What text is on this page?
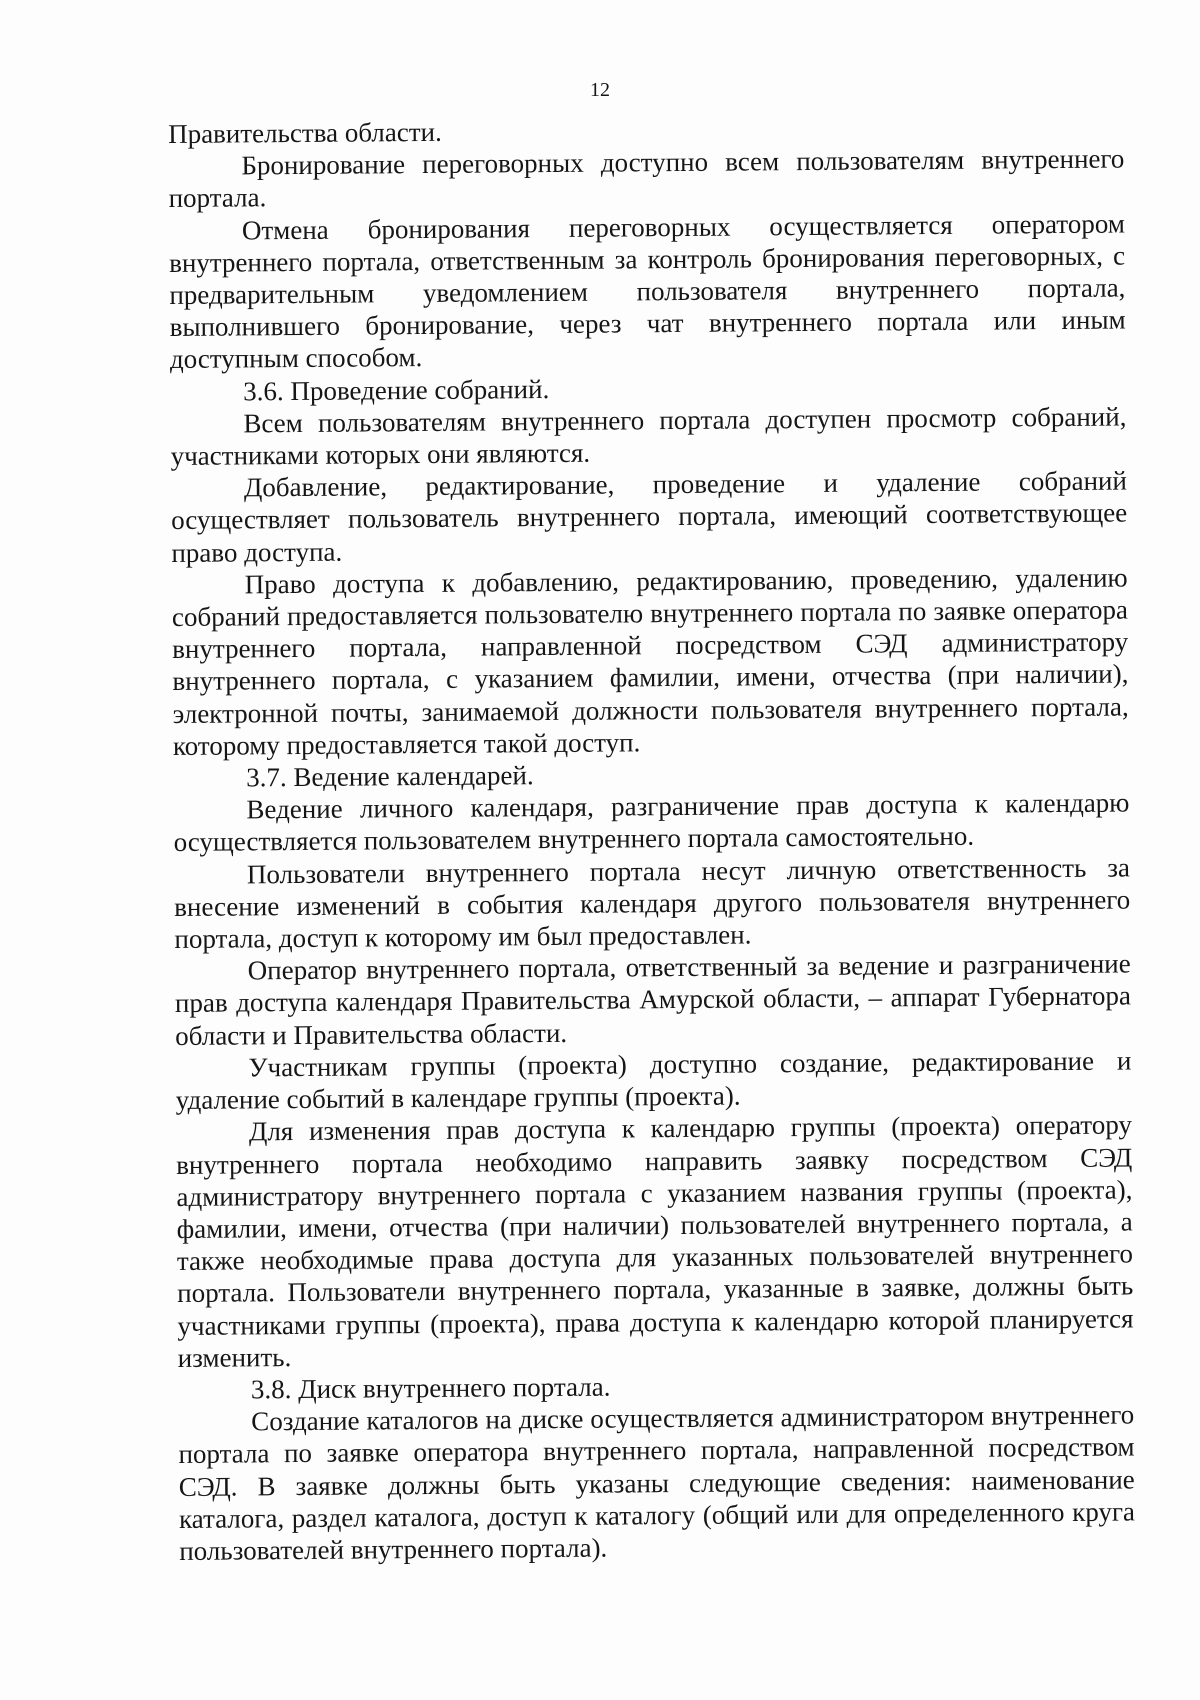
12

Правительства области.

Бронирование переговорных доступно всем пользователям внутреннего портала.

Отмена бронирования переговорных осуществляется оператором внутреннего портала, ответственным за контроль бронирования переговорных, с предварительным уведомлением пользователя внутреннего портала, выполнившего бронирование, через чат внутреннего портала или иным доступным способом.

3.6. Проведение собраний.

Всем пользователям внутреннего портала доступен просмотр собраний, участниками которых они являются.

Добавление, редактирование, проведение и удаление собраний осуществляет пользователь внутреннего портала, имеющий соответствующее право доступа.

Право доступа к добавлению, редактированию, проведению, удалению собраний предоставляется пользователю внутреннего портала по заявке оператора внутреннего портала, направленной посредством СЭД администратору внутреннего портала, с указанием фамилии, имени, отчества (при наличии), электронной почты, занимаемой должности пользователя внутреннего портала, которому предоставляется такой доступ.

3.7. Ведение календарей.

Ведение личного календаря, разграничение прав доступа к календарю осуществляется пользователем внутреннего портала самостоятельно.

Пользователи внутреннего портала несут личную ответственность за внесение изменений в события календаря другого пользователя внутреннего портала, доступ к которому им был предоставлен.

Оператор внутреннего портала, ответственный за ведение и разграничение прав доступа календаря Правительства Амурской области, – аппарат Губернатора области и Правительства области.

Участникам группы (проекта) доступно создание, редактирование и удаление событий в календаре группы (проекта).

Для изменения прав доступа к календарю группы (проекта) оператору внутреннего портала необходимо направить заявку посредством СЭД администратору внутреннего портала с указанием названия группы (проекта), фамилии, имени, отчества (при наличии) пользователей внутреннего портала, а также необходимые права доступа для указанных пользователей внутреннего портала. Пользователи внутреннего портала, указанные в заявке, должны быть участниками группы (проекта), права доступа к календарю которой планируется изменить.

3.8. Диск внутреннего портала.

Создание каталогов на диске осуществляется администратором внутреннего портала по заявке оператора внутреннего портала, направленной посредством СЭД. В заявке должны быть указаны следующие сведения: наименование каталога, раздел каталога, доступ к каталогу (общий или для определенного круга пользователей внутреннего портала).
